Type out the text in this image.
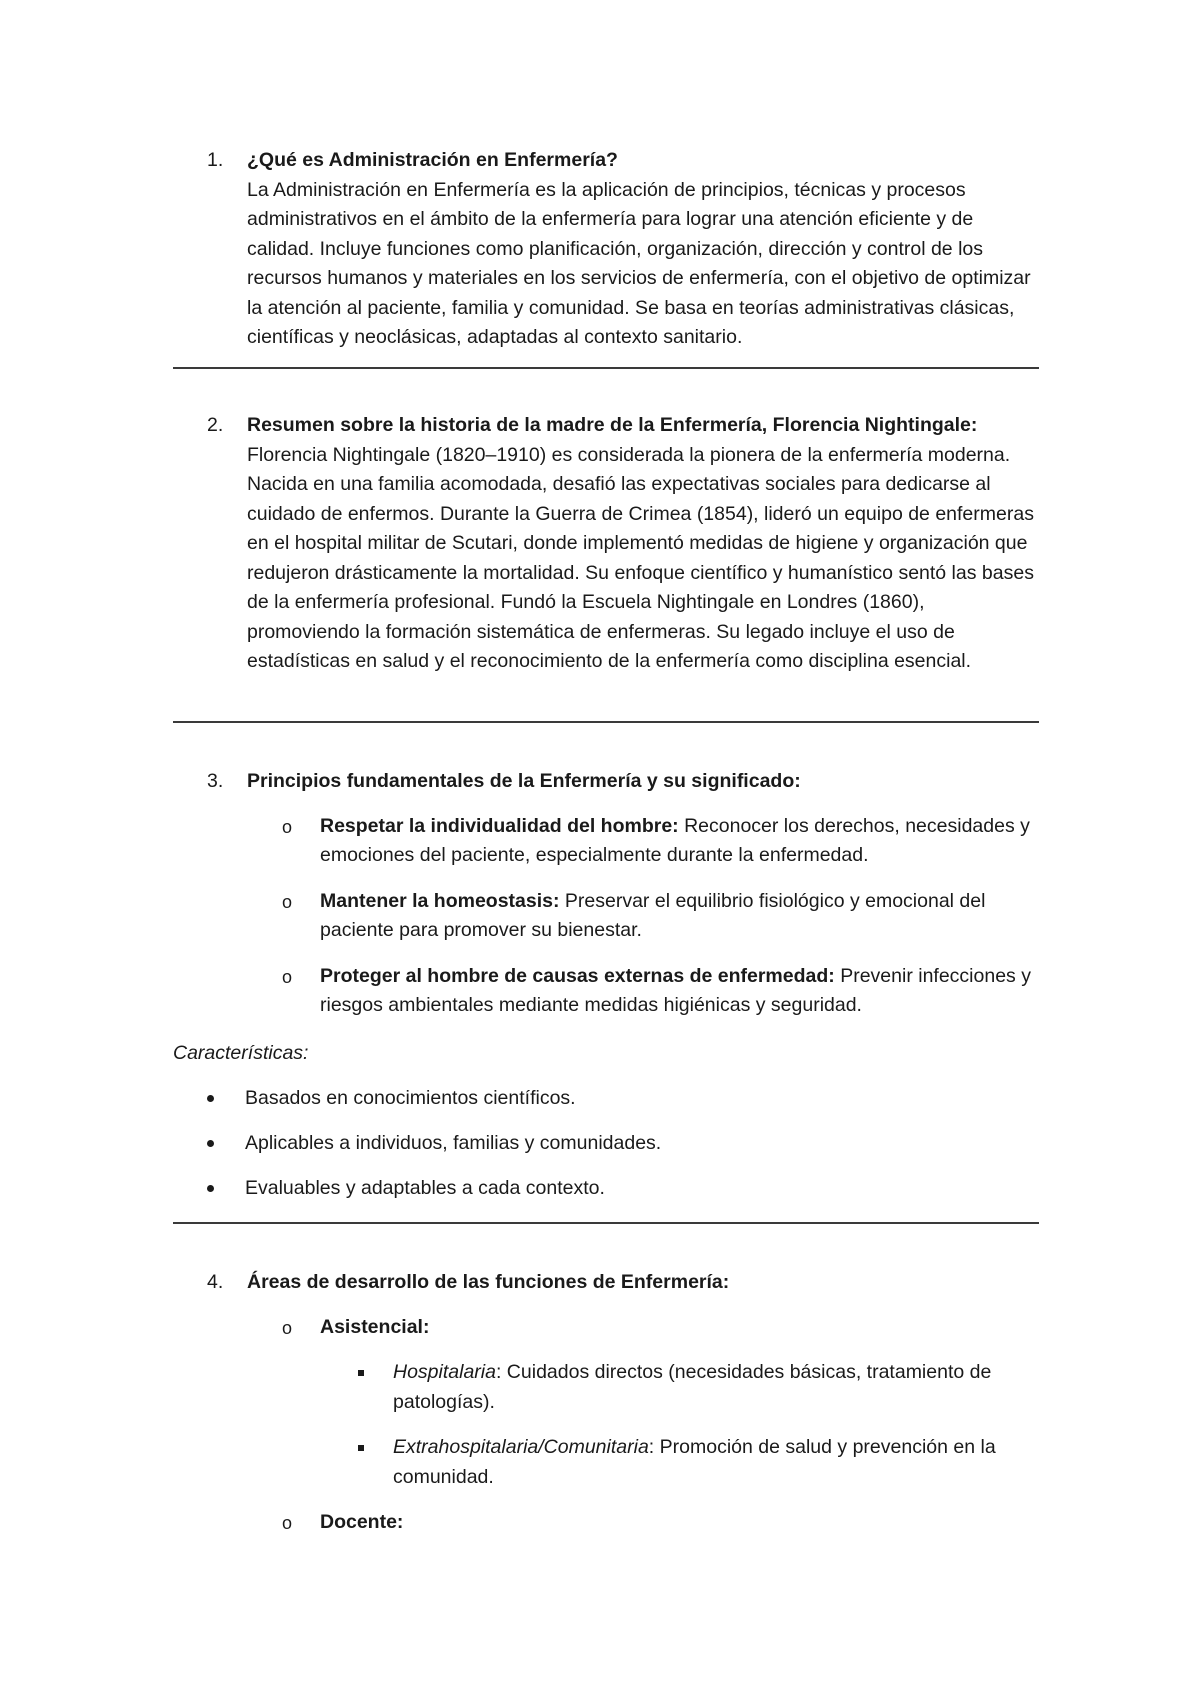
1. ¿Qué es Administración en Enfermería?

La Administración en Enfermería es la aplicación de principios, técnicas y procesos administrativos en el ámbito de la enfermería para lograr una atención eficiente y de calidad. Incluye funciones como planificación, organización, dirección y control de los recursos humanos y materiales en los servicios de enfermería, con el objetivo de optimizar la atención al paciente, familia y comunidad. Se basa en teorías administrativas clásicas, científicas y neoclásicas, adaptadas al contexto sanitario.

2. Resumen sobre la historia de la madre de la Enfermería, Florencia Nightingale:

Florencia Nightingale (1820–1910) es considerada la pionera de la enfermería moderna. Nacida en una familia acomodada, desafió las expectativas sociales para dedicarse al cuidado de enfermos. Durante la Guerra de Crimea (1854), lideró un equipo de enfermeras en el hospital militar de Scutari, donde implementó medidas de higiene y organización que redujeron drásticamente la mortalidad. Su enfoque científico y humanístico sentó las bases de la enfermería profesional. Fundó la Escuela Nightingale en Londres (1860), promoviendo la formación sistemática de enfermeras. Su legado incluye el uso de estadísticas en salud y el reconocimiento de la enfermería como disciplina esencial.

3. Principios fundamentales de la Enfermería y su significado:
o Respetar la individualidad del hombre: Reconocer los derechos, necesidades y emociones del paciente, especialmente durante la enfermedad.
o Mantener la homeostasis: Preservar el equilibrio fisiológico y emocional del paciente para promover su bienestar.
o Proteger al hombre de causas externas de enfermedad: Prevenir infecciones y riesgos ambientales mediante medidas higiénicas y seguridad.
Características:
Basados en conocimientos científicos.
Aplicables a individuos, familias y comunidades.
Evaluables y adaptables a cada contexto.
4. Áreas de desarrollo de las funciones de Enfermería:
o Asistencial:
Hospitalaria: Cuidados directos (necesidades básicas, tratamiento de patologías).
Extrahospitalaria/Comunitaria: Promoción de salud y prevención en la comunidad.
o Docente:
